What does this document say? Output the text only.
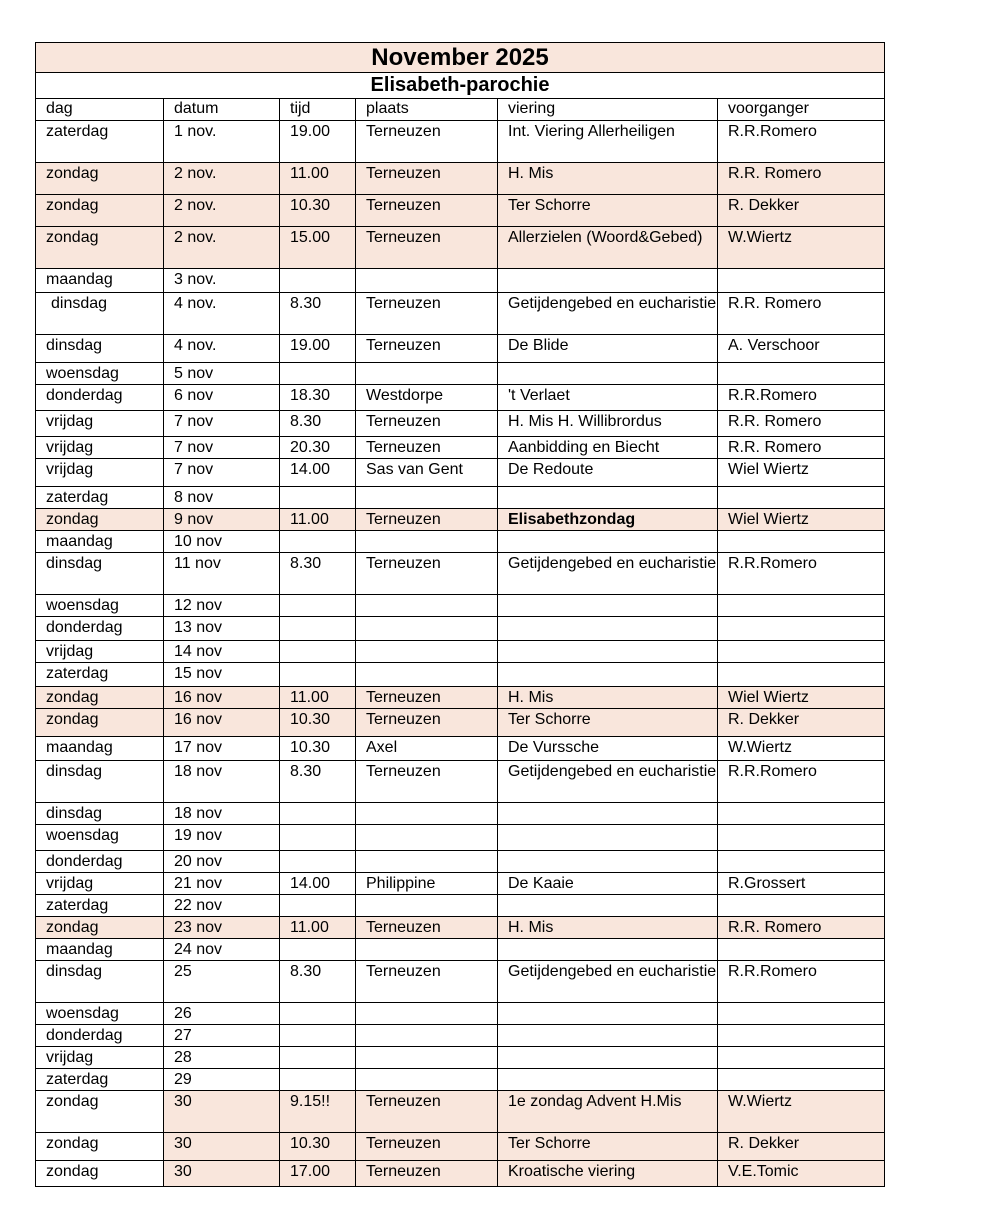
November 2025					
Elisabeth-parochie					
dag	datum	tijd	plaats	viering	voorganger
zaterdag	1 nov.	19.00	Terneuzen	Int. Viering Allerheiligen	R.R.Romero
zondag	2 nov.	11.00	Terneuzen	H. Mis	R.R. Romero
zondag	2 nov.	10.30	Terneuzen	Ter Schorre	R. Dekker
zondag	2 nov.	15.00	Terneuzen	Allerzielen (Woord&Gebed)	W.Wiertz
maandag	3 nov.				
dinsdag	4 nov.	8.30	Terneuzen	Getijdengebed en eucharistie	R.R. Romero
dinsdag	4 nov.	19.00	Terneuzen	De Blide	A. Verschoor
woensdag	5 nov				
donderdag	6 nov	18.30	Westdorpe	't Verlaet	R.R.Romero
vrijdag	7 nov	8.30	Terneuzen	H. Mis H. Willibrordus	R.R. Romero
vrijdag	7 nov	20.30	Terneuzen	Aanbidding en Biecht	R.R. Romero
vrijdag	7 nov	14.00	Sas van Gent	De Redoute	Wiel Wiertz
zaterdag	8 nov				
zondag	9 nov	11.00	Terneuzen	Elisabethzondag	Wiel Wiertz
maandag	10 nov				
dinsdag	11 nov	8.30	Terneuzen	Getijdengebed en eucharistie	R.R.Romero
woensdag	12 nov				
donderdag	13 nov				
vrijdag	14 nov				
zaterdag	15 nov				
zondag	16 nov	11.00	Terneuzen	H. Mis	Wiel Wiertz
zondag	16 nov	10.30	Terneuzen	Ter Schorre	R. Dekker
maandag	17 nov	10.30	Axel	De Vurssche	W.Wiertz
dinsdag	18 nov	8.30	Terneuzen	Getijdengebed en eucharistie	R.R.Romero
dinsdag	18 nov				
woensdag	19 nov				
donderdag	20 nov				
vrijdag	21 nov	14.00	Philippine	De Kaaie	R.Grossert
zaterdag	22 nov				
zondag	23 nov	11.00	Terneuzen	H. Mis	R.R. Romero
maandag	24 nov				
dinsdag	25	8.30	Terneuzen	Getijdengebed en eucharistie	R.R.Romero
woensdag	26				
donderdag	27				
vrijdag	28				
zaterdag	29				
zondag	30	9.15!!	Terneuzen	1e zondag Advent H.Mis	W.Wiertz
zondag	30	10.30	Terneuzen	Ter Schorre	R. Dekker
zondag	30	17.00	Terneuzen	Kroatische viering	V.E.Tomic
